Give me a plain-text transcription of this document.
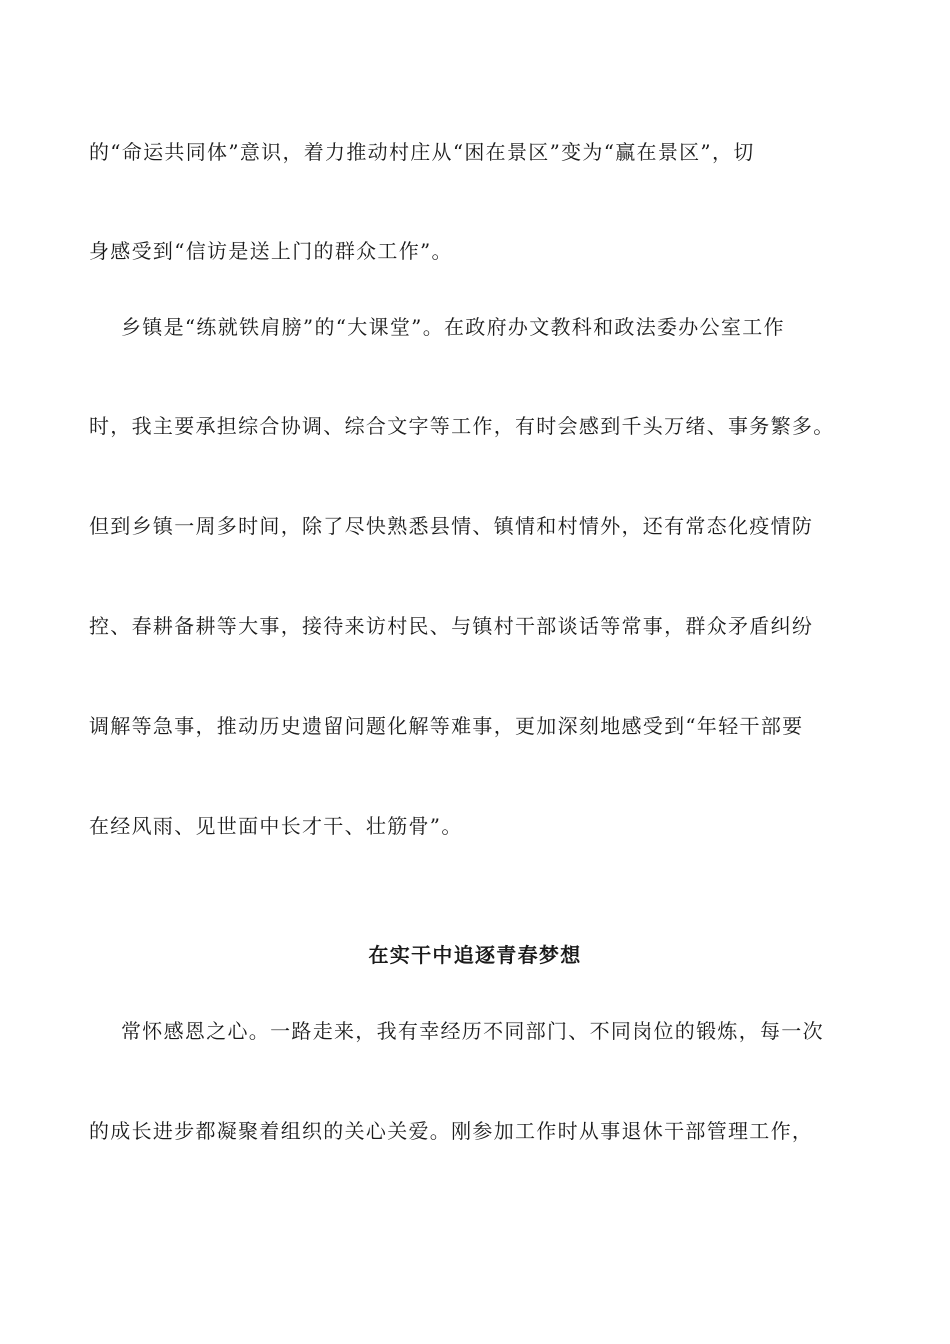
的“命运共同体”意识，着力推动村庄从“困在景区”变为“赢在景区”，切
身感受到“信访是送上门的群众工作”。
乡镇是“练就铁肩膀”的“大课堂”。在政府办文教科和政法委办公室工作
时，我主要承担综合协调、综合文字等工作，有时会感到千头万绪、事务繁多。
但到乡镇一周多时间，除了尽快熟悉县情、镇情和村情外，还有常态化疫情防
控、春耕备耕等大事，接待来访村民、与镇村干部谈话等常事，群众矛盾纠纷
调解等急事，推动历史遗留问题化解等难事，更加深刻地感受到“年轻干部要
在经风雨、见世面中长才干、壮筋骨”。
在实干中追逐青春梦想
常怀感恩之心。一路走来，我有幸经历不同部门、不同岗位的锻炼，每一次
的成长进步都凝聚着组织的关心关爱。刚参加工作时从事退休干部管理工作，
